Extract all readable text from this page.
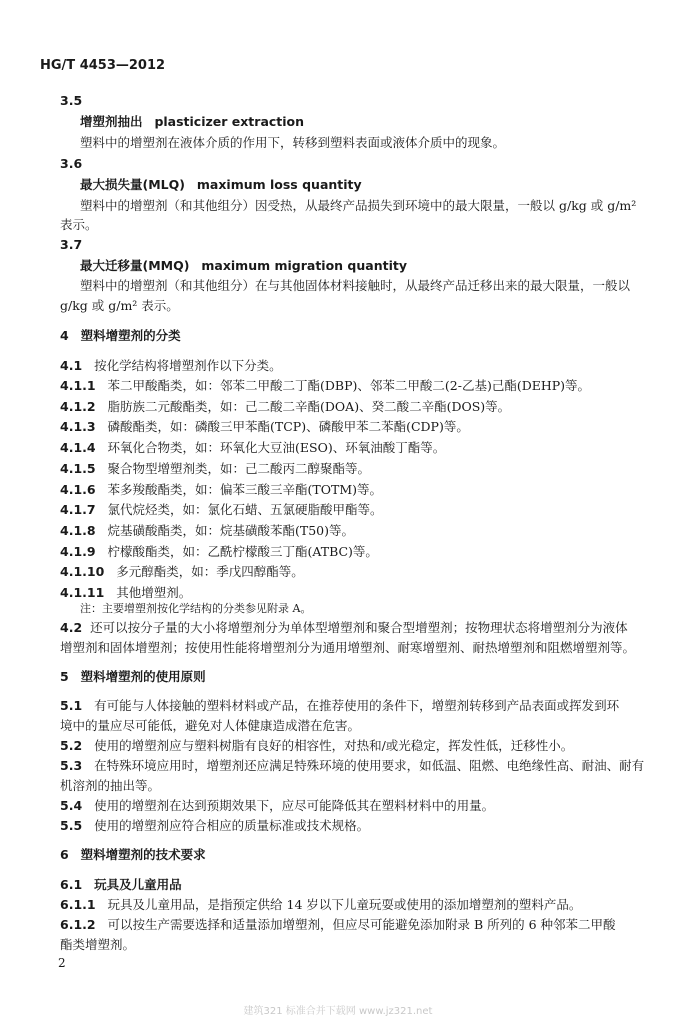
HG/T 4453—2012
3.5
增塑剂抽出 plasticizer extraction
塑料中的增塑剂在液体介质的作用下，转移到塑料表面或液体介质中的现象。
3.6
最大损失量(MLQ) maximum loss quantity
塑料中的增塑剂（和其他组分）因受热，从最终产品损失到环境中的最大限量，一般以 g/kg 或 g/m²
表示。
3.7
最大迁移量(MMQ) maximum migration quantity
塑料中的增塑剂（和其他组分）在与其他固体材料接触时，从最终产品迁移出来的最大限量，一般以
g/kg 或 g/m² 表示。
4 塑料增塑剂的分类
4.1 按化学结构将增塑剂作以下分类。
4.1.1 苯二甲酸酯类，如：邻苯二甲酸二丁酯(DBP)、邻苯二甲酸二(2-乙基)己酯(DEHP)等。
4.1.2 脂肪族二元酸酯类，如：己二酸二辛酯(DOA)、癸二酸二辛酯(DOS)等。
4.1.3 磷酸酯类，如：磷酸三甲苯酯(TCP)、磷酸甲苯二苯酯(CDP)等。
4.1.4 环氧化合物类，如：环氧化大豆油(ESO)、环氧油酸丁酯等。
4.1.5 聚合物型增塑剂类，如：己二酸丙二醇聚酯等。
4.1.6 苯多羧酸酯类，如：偏苯三酸三辛酯(TOTM)等。
4.1.7 氯代烷烃类，如：氯化石蜡、五氯硬脂酸甲酯等。
4.1.8 烷基磺酸酯类，如：烷基磺酸苯酯(T50)等。
4.1.9 柠檬酸酯类，如：乙酰柠檬酸三丁酯(ATBC)等。
4.1.10 多元醇酯类，如：季戊四醇酯等。
4.1.11 其他增塑剂。
注：主要增塑剂按化学结构的分类参见附录 A。
4.2 还可以按分子量的大小将增塑剂分为单体型增塑剂和聚合型增塑剂；按物理状态将增塑剂分为液体
增塑剂和固体增塑剂；按使用性能将增塑剂分为通用增塑剂、耐寒增塑剂、耐热增塑剂和阻燃增塑剂等。
5 塑料增塑剂的使用原则
5.1 有可能与人体接触的塑料材料或产品，在推荐使用的条件下，增塑剂转移到产品表面或挥发到环
境中的量应尽可能低，避免对人体健康造成潜在危害。
5.2 使用的增塑剂应与塑料树脂有良好的相容性，对热和/或光稳定，挥发性低，迁移性小。
5.3 在特殊环境应用时，增塑剂还应满足特殊环境的使用要求，如低温、阻燃、电绝缘性高、耐油、耐有
机溶剂的抽出等。
5.4 使用的增塑剂在达到预期效果下，应尽可能降低其在塑料材料中的用量。
5.5 使用的增塑剂应符合相应的质量标准或技术规格。
6 塑料增塑剂的技术要求
6.1 玩具及儿童用品
6.1.1 玩具及儿童用品，是指预定供给 14 岁以下儿童玩耍或使用的添加增塑剂的塑料产品。
6.1.2 可以按生产需要选择和适量添加增塑剂，但应尽可能避免添加附录 B 所列的 6 种邻苯二甲酸
酯类增塑剂。
2
建筑321 标准合并下载网 www.jz321.net
